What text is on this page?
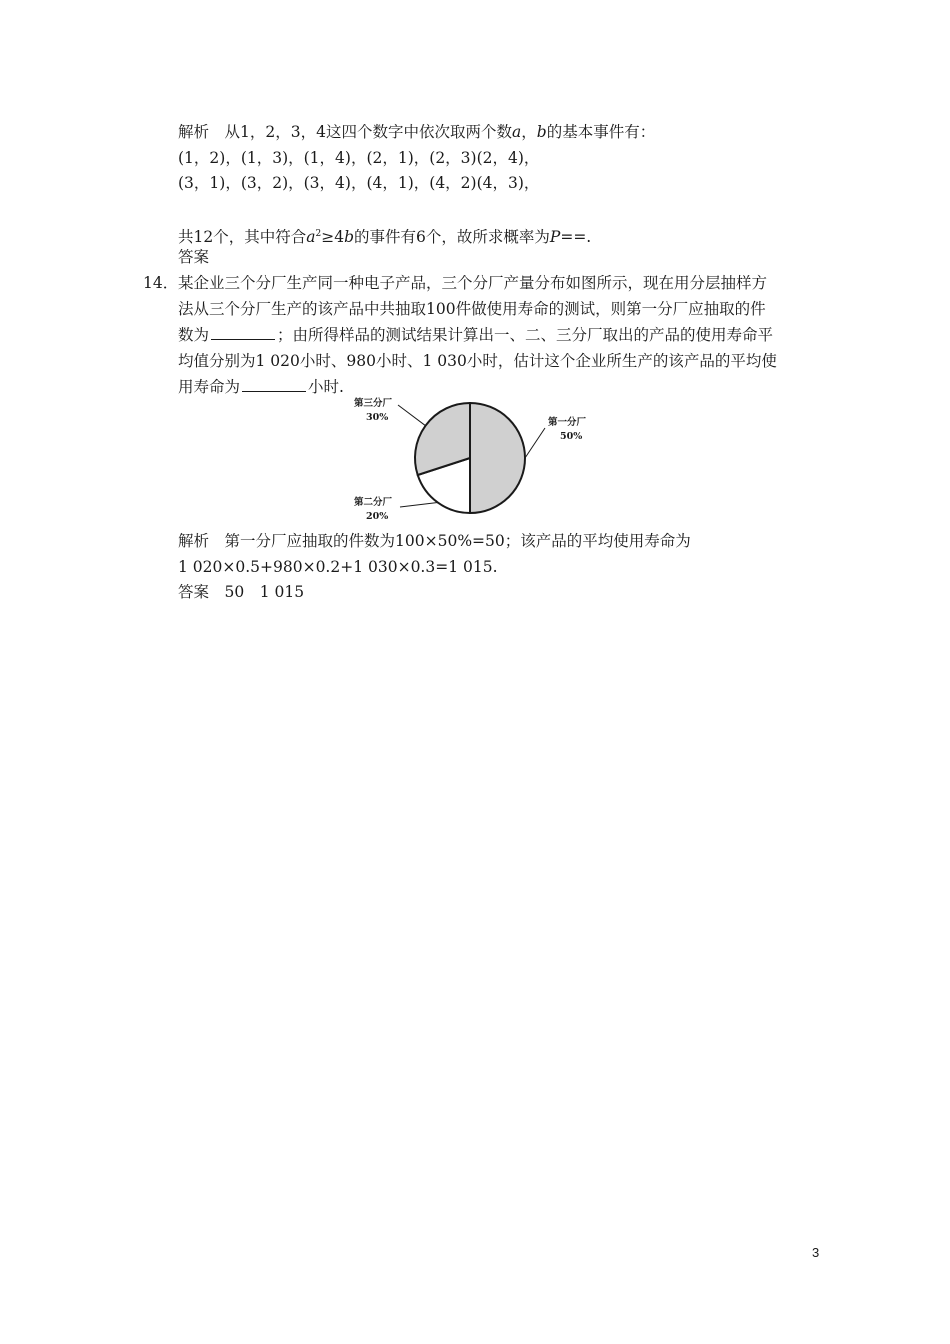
解析　 从1，2，3，4这四个数字中依次取两个数a，b的基本事件有：
(1，2)，(1，3)，(1，4)，(2，1)，(2，3)(2，4)，
(3，1)，(3，2)，(3，4)，(4，1)，(4，2)(4，3)，
共12个，其中符合$a^2\ge 4b$的事件有6个，故所求概率为P==.
答案
14． 某企业三个分厂生产同一种电子产品，三个分厂产量分布如图所示，现在用分层抽样方
法从三个分厂生产的该产品中共抽取100件做使用寿命的测试，则第一分厂应抽取的件
数为	；由所得样品的测试结果计算出一、二、三分厂取出的产品的使用寿命平
均值分别为1 020小时、980小时、1 030小时，估计这个企业所生产的该产品的平均使
用寿命为	小时.
第一分厂
50%
第二分厂
20%
第三分厂
30%
解析　 第一分厂应抽取的件数为100×50%=50；该产品的平均使用寿命为
1 020×0.5+980×0.2+1 030×0.3=1 015.
答案　 50　1 015
3
